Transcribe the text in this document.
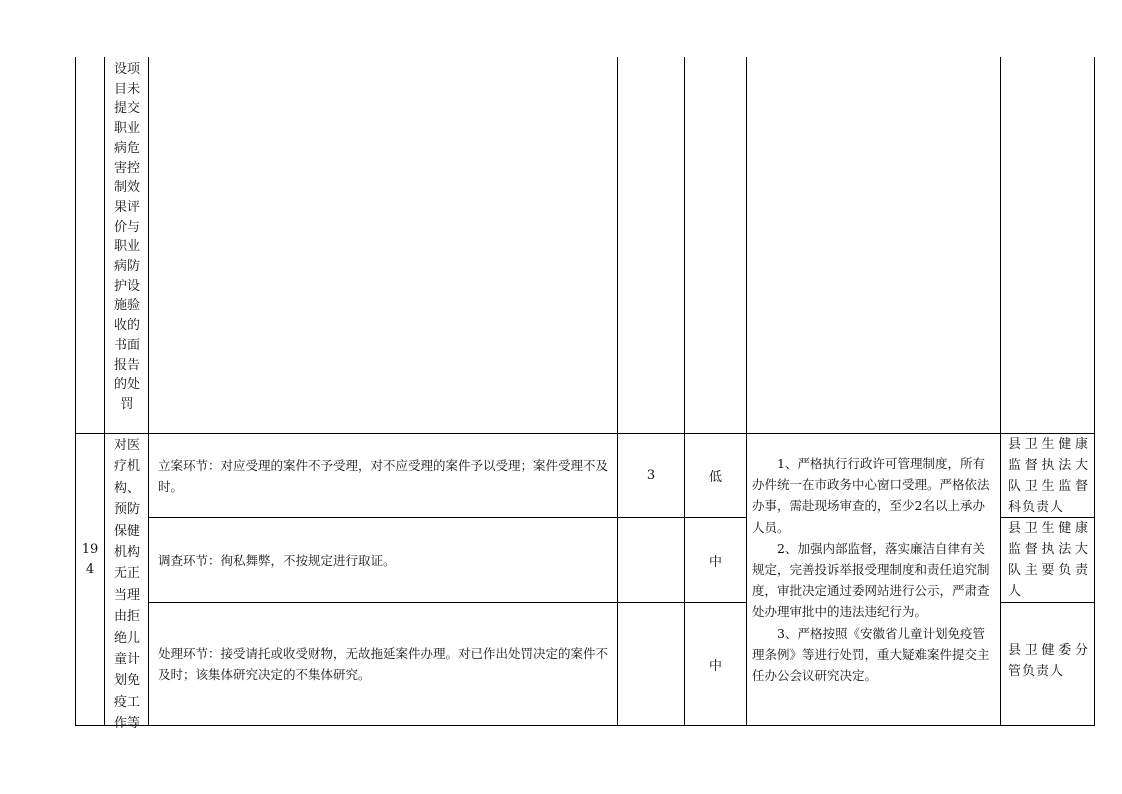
设项目未提交职业病危害控制效果评价与职业病防护设施验收的书面报告的处罚
194
对医疗机构、预防保健机构无正当理由拒绝儿童计划免疫工作等
立案环节：对应受理的案件不予受理，对不应受理的案件予以受理；案件受理不及时。
3	低
调查环节：徇私舞弊，不按规定进行取证。	中
处理环节：接受请托或收受财物，无故拖延案件办理。对已作出处罚决定的案件不及时；该集体研究决定的不集体研究。
中

1、严格执行行政许可管理制度，所有办件统一在市政务中心窗口受理。严格依法办事，需赴现场审查的，至少2名以上承办人员。

2、加强内部监督，落实廉洁自律有关规定，完善投诉举报受理制度和责任追究制度，审批决定通过委网站进行公示，严肃查处办理审批中的违法违纪行为。

3、严格按照《安徽省儿童计划免疫管理条例》等进行处罚，重大疑难案件提交主任办公会议研究决定。

县卫生健康监督执法大队卫生监督科负责人
县卫生健康监督执法大队主要负责人
县卫健委分管负责人
